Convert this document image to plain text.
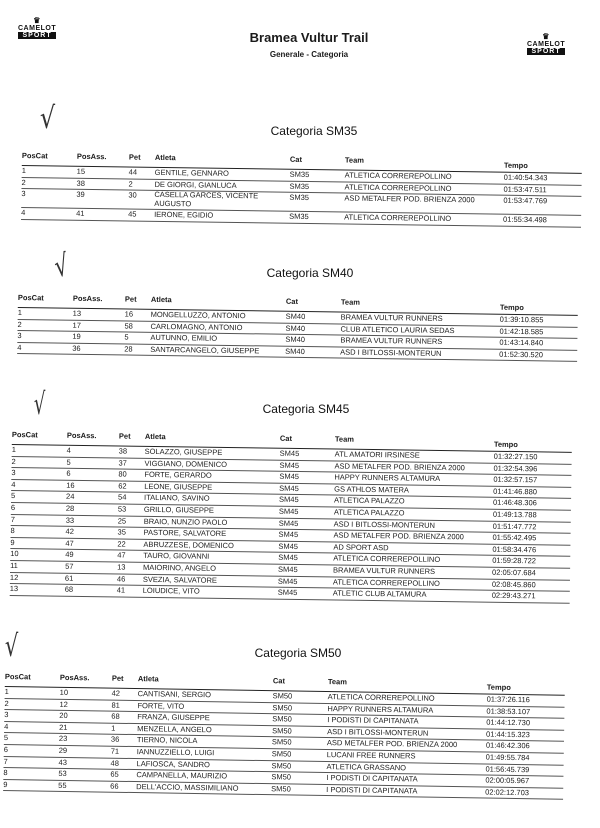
♛
CAMELOT
SPORT	♛
CAMELOT
SPORT
Bramea Vultur Trail
Generale - Categoria
√
√
√
√
Categoria SM35
Categoria SM40
Categoria SM45
Categoria SM50
PosCat	PosAss.	Pet Atleta	Cat	Team
Tempo
1	15	44 GENTILE, GENNARO	SM35	ATLETICA CORREREPOLLINO	01:40:54.343
2	38	2	DE GIORGI, GIANLUCA	SM35	ATLETICA CORREREPOLLINO	01:53:47.511
3	39	30 CASELLA GARCES, VICENTE AUGUSTO
SM35	ASD METALFER POD. BRIENZA 2000	01:53:47.769
4	41	45 IERONE, EGIDIO	SM35	ATLETICA CORREREPOLLINO	01:55:34.498
PosCat	PosAss.	Pet Atleta	Cat	Team
Tempo
1	13	16 MONGELLUZZO, ANTONIO	SM40	BRAMEA VULTUR RUNNERS	01:39:10.855
2	17	58 CARLOMAGNO, ANTONIO	SM40	CLUB ATLETICO LAURIA SEDAS	01:42:18.585
3	19	5	AUTUNNO, EMILIO	SM40	BRAMEA VULTUR RUNNERS	01:43:14.840
4	36	28 SANTARCANGELO, GIUSEPPE	SM40	ASD I BITLOSSI-MONTERUN	01:52:30.520
PosCat	PosAss.	Pet Atleta	Cat	Team
Tempo
1	4	38 SOLAZZO, GIUSEPPE	SM45	ATL AMATORI IRSINESE	01:32:27.150
2	5	37 VIGGIANO, DOMENICO	SM45	ASD METALFER POD. BRIENZA 2000	01:32:54.396
3	6	80 FORTE, GERARDO	SM45	HAPPY RUNNERS ALTAMURA	01:32:57.157
4	16	62 LEONE, GIUSEPPE	SM45	GS ATHLOS MATERA	01:41:46.880
5	24	54 ITALIANO, SAVINO	SM45	ATLETICA PALAZZO	01:46:48.306
6	28	53 GRILLO, GIUSEPPE	SM45	ATLETICA PALAZZO	01:49:13.788
7	33	25 BRAIO, NUNZIO PAOLO	SM45	ASD I BITLOSSI-MONTERUN	01:51:47.772
8	42	35 PASTORE, SALVATORE	SM45	ASD METALFER POD. BRIENZA 2000	01:55:42.495
9	47	22 ABRUZZESE, DOMENICO	SM45	AD SPORT ASD	01:58:34.476
10	49	47 TAURO, GIOVANNI	SM45	ATLETICA CORREREPOLLINO	01:59:28.722
11	57	13 MAIORINO, ANGELO	SM45	BRAMEA VULTUR RUNNERS	02:05:07.684
12	61	46 SVEZIA, SALVATORE	SM45	ATLETICA CORREREPOLLINO	02:08:45.860
13	68	41 LOIUDICE, VITO	SM45	ATLETIC CLUB ALTAMURA	02:29:43.271
PosCat	PosAss.	Pet Atleta	Cat	Team
Tempo
1	10	42 CANTISANI, SERGIO	SM50	ATLETICA CORREREPOLLINO	01:37:26.116
2	12	81 FORTE, VITO	SM50	HAPPY RUNNERS ALTAMURA	01:38:53.107
3	20	68 FRANZA, GIUSEPPE	SM50	I PODISTI DI CAPITANATA	01:44:12.730
4	21	1	MENZELLA, ANGELO	SM50	ASD I BITLOSSI-MONTERUN	01:44:15.323
5	23	36 TIERNO, NICOLA	SM50	ASD METALFER POD. BRIENZA 2000	01:46:42.306
6	29	71 IANNUZZIELLO, LUIGI	SM50	LUCANI FREE RUNNERS	01:49:55.784
7	43	48 LAFIOSCA, SANDRO	SM50	ATLETICA GRASSANO	01:56:45.739
8	53	65 CAMPANELLA, MAURIZIO	SM50	I PODISTI DI CAPITANATA	02:00:05.967
9	55	66 DELL'ACCIO, MASSIMILIANO	SM50	I PODISTI DI CAPITANATA	02:02:12.703
